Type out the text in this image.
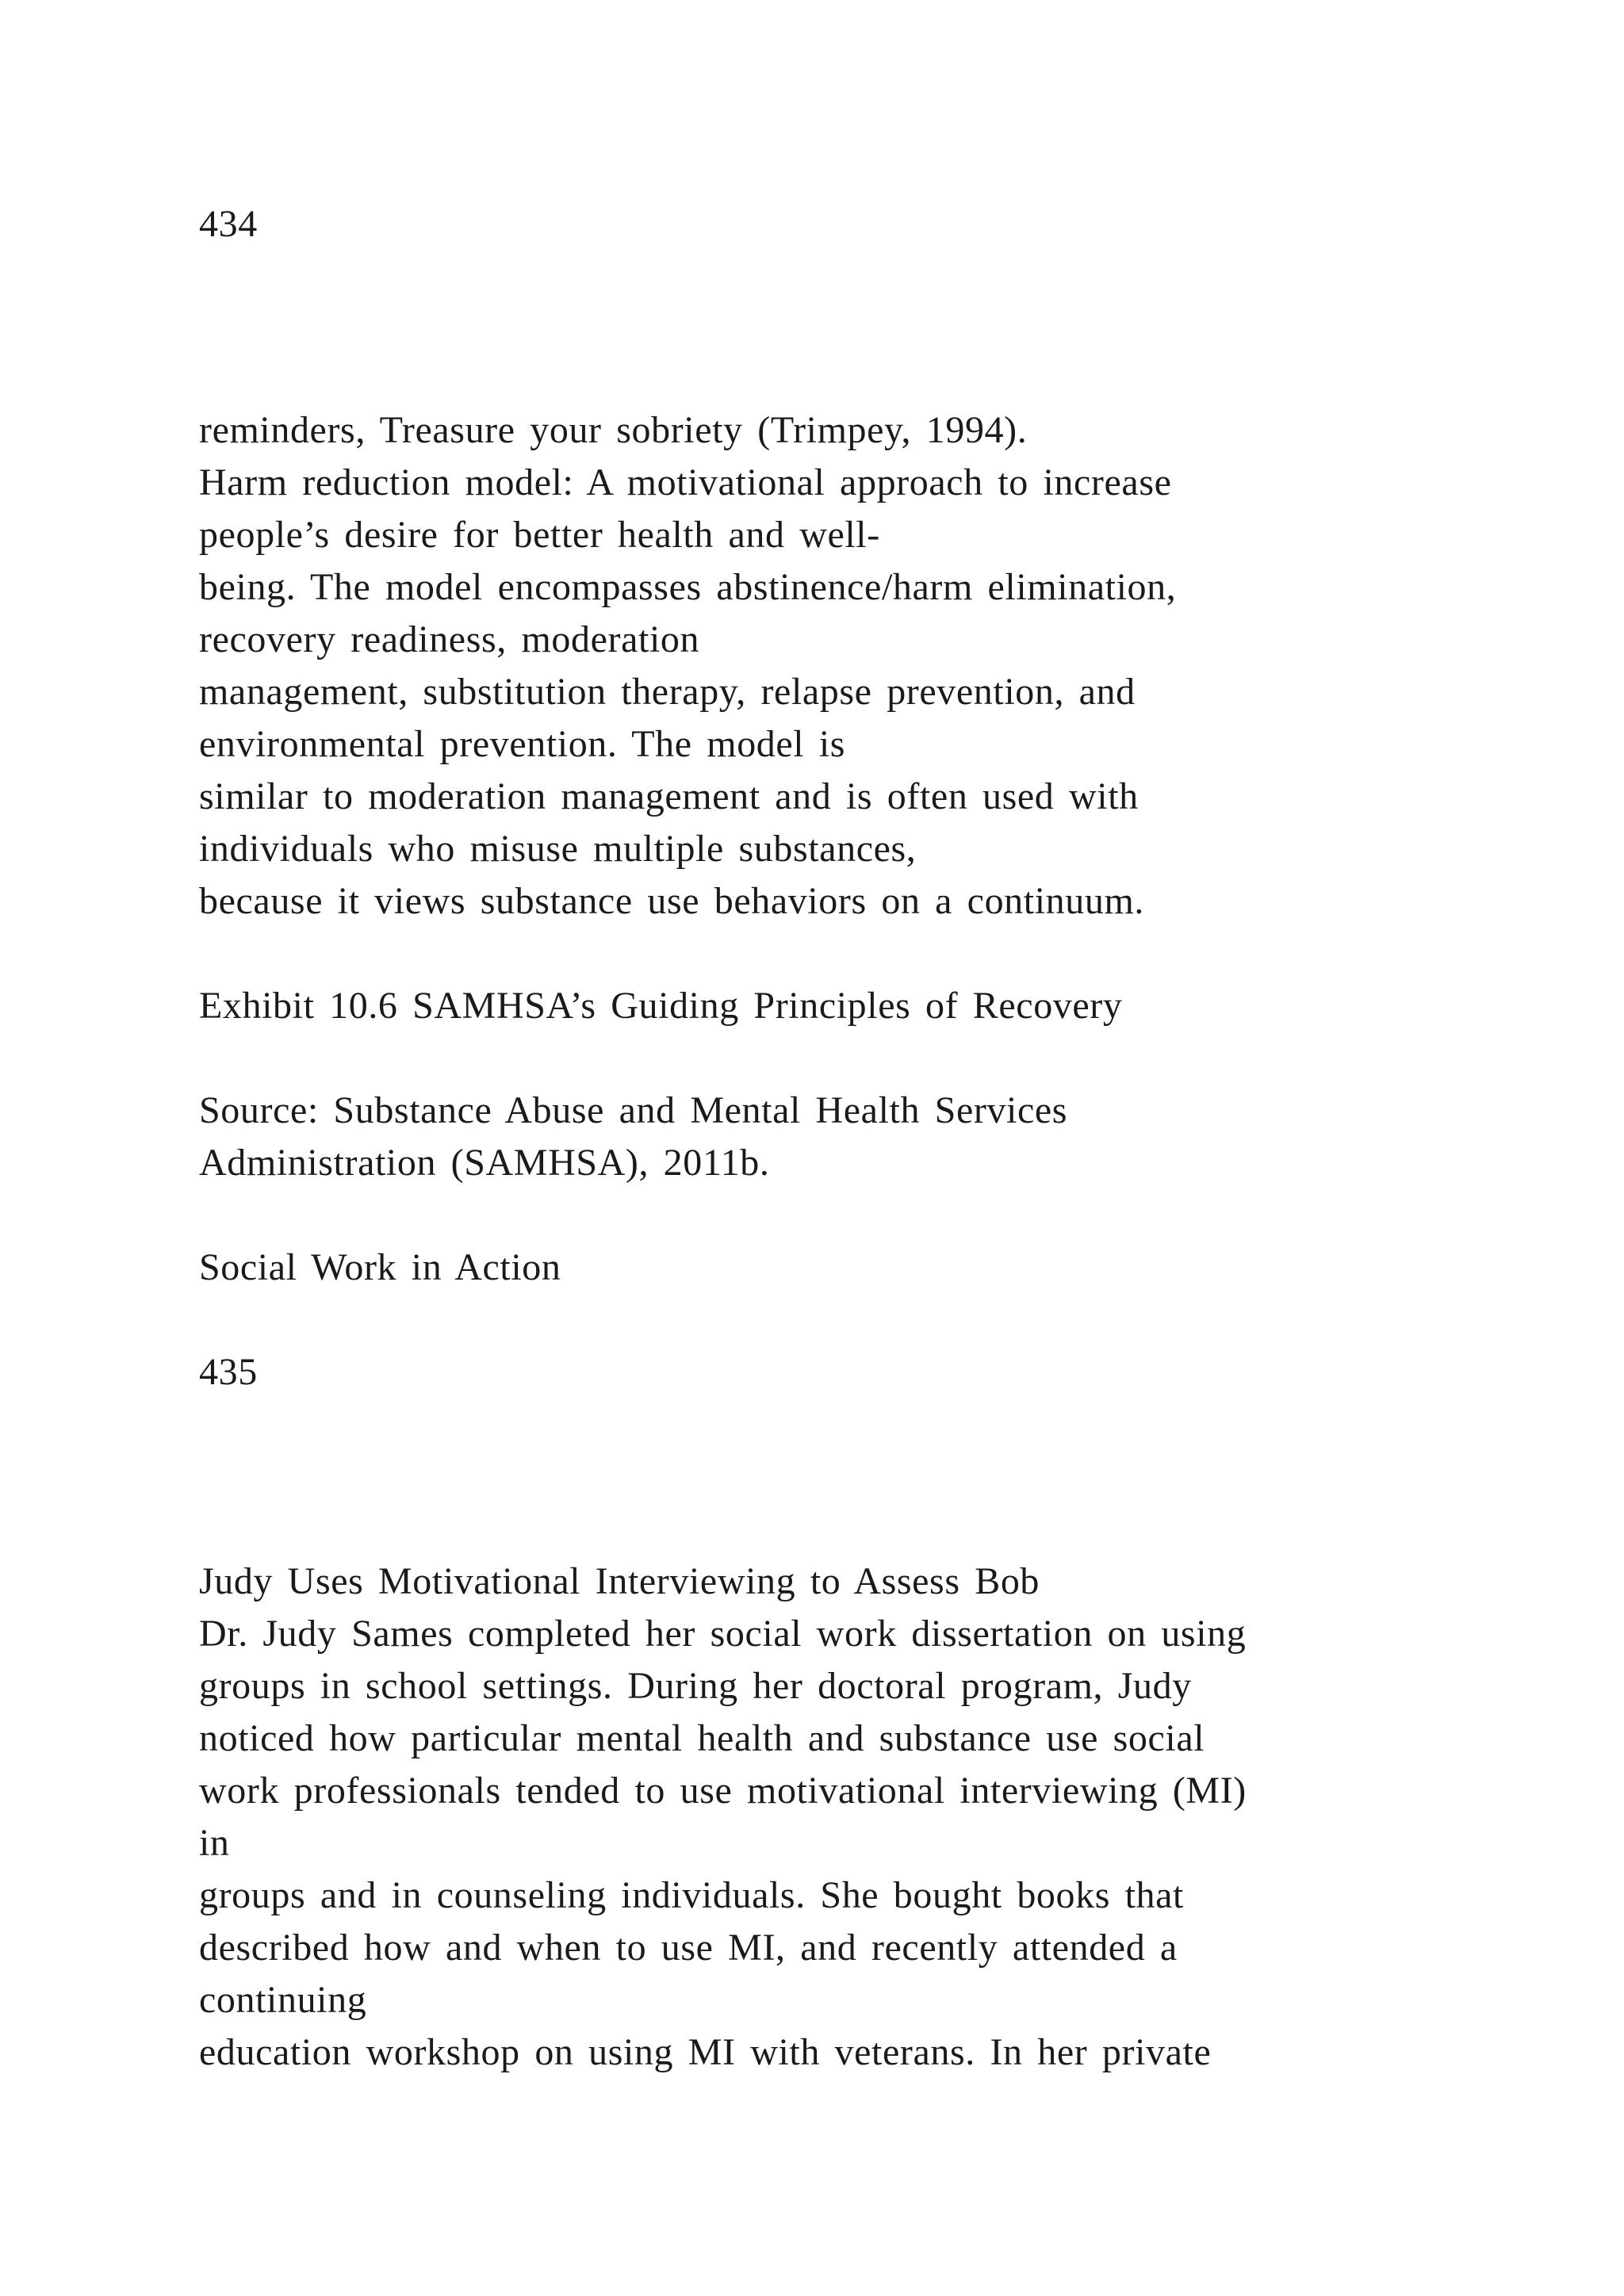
434
reminders, Treasure your sobriety (Trimpey, 1994).
Harm reduction model: A motivational approach to increase
people’s desire for better health and well-
being. The model encompasses abstinence/harm elimination,
recovery readiness, moderation
management, substitution therapy, relapse prevention, and
environmental prevention. The model is
similar to moderation management and is often used with
individuals who misuse multiple substances,
because it views substance use behaviors on a continuum.
Exhibit 10.6 SAMHSA’s Guiding Principles of Recovery
Source: Substance Abuse and Mental Health Services
Administration (SAMHSA), 2011b.
Social Work in Action
435
Judy Uses Motivational Interviewing to Assess Bob
Dr. Judy Sames completed her social work dissertation on using
groups in school settings. During her doctoral program, Judy
noticed how particular mental health and substance use social
work professionals tended to use motivational interviewing (MI)
in
groups and in counseling individuals. She bought books that
described how and when to use MI, and recently attended a
continuing
education workshop on using MI with veterans. In her private
